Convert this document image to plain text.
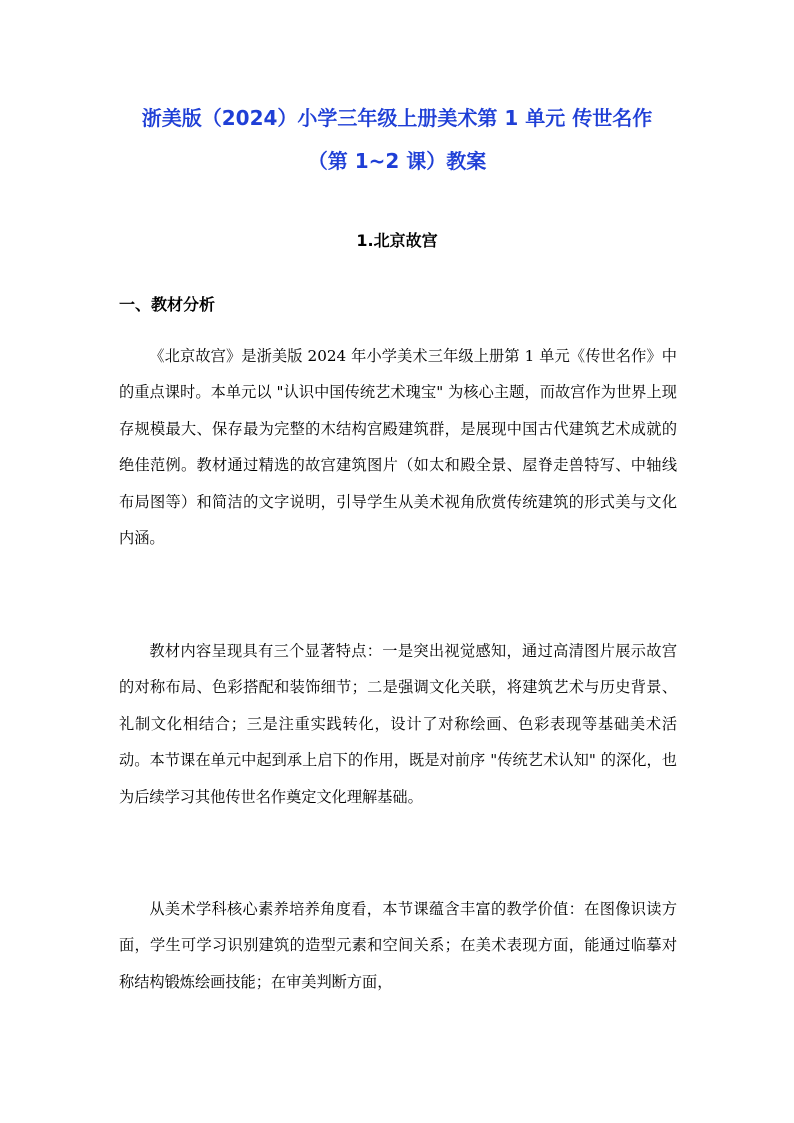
浙美版（2024）小学三年级上册美术第 1 单元 传世名作
（第 1~2 课）教案
1.北京故宫
一、教材分析

《北京故宫》是浙美版 2024 年小学美术三年级上册第 1 单元《传世名作》中的重点课时。本单元以 "认识中国传统艺术瑰宝" 为核心主题，而故宫作为世界上现存规模最大、保存最为完整的木结构宫殿建筑群，是展现中国古代建筑艺术成就的绝佳范例。教材通过精选的故宫建筑图片（如太和殿全景、屋脊走兽特写、中轴线布局图等）和简洁的文字说明，引导学生从美术视角欣赏传统建筑的形式美与文化内涵。

教材内容呈现具有三个显著特点：一是突出视觉感知，通过高清图片展示故宫的对称布局、色彩搭配和装饰细节；二是强调文化关联，将建筑艺术与历史背景、礼制文化相结合；三是注重实践转化，设计了对称绘画、色彩表现等基础美术活动。本节课在单元中起到承上启下的作用，既是对前序 "传统艺术认知" 的深化，也为后续学习其他传世名作奠定文化理解基础。

从美术学科核心素养培养角度看，本节课蕴含丰富的教学价值：在图像识读方面，学生可学习识别建筑的造型元素和空间关系；在美术表现方面，能通过临摹对称结构锻炼绘画技能；在审美判断方面，
